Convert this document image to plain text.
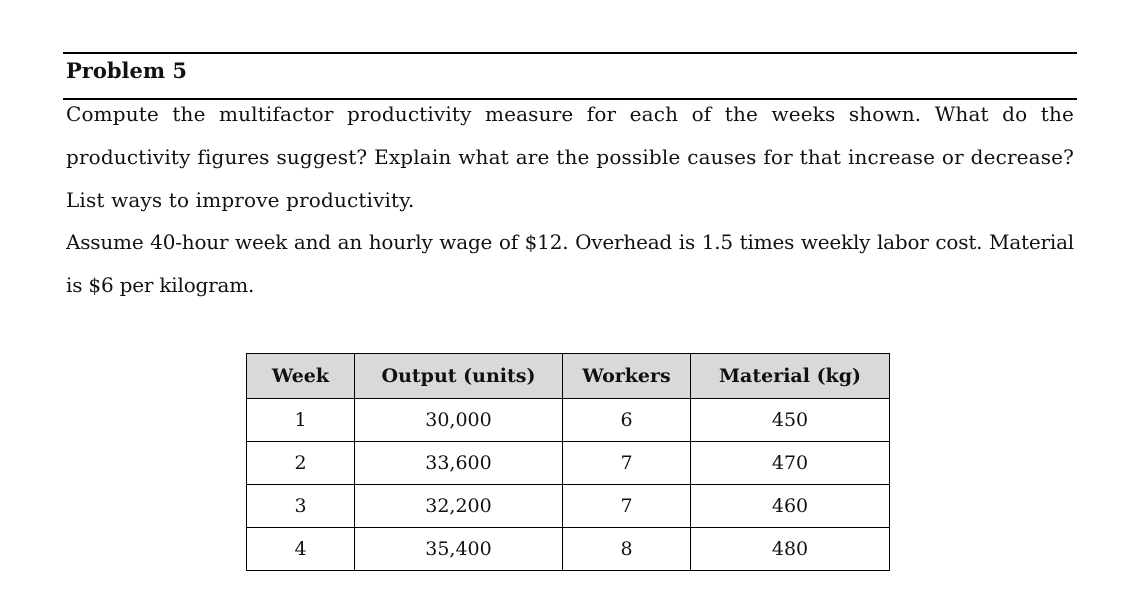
Problem 5
Compute the multifactor productivity measure for each of the weeks shown. What do the productivity figures suggest? Explain what are the possible causes for that increase or decrease? List ways to improve productivity.
Assume 40-hour week and an hourly wage of $12. Overhead is 1.5 times weekly labor cost. Material is $6 per kilogram.
Week	Output (units)	Workers	Material (kg)
1	30,000	6	450
2	33,600	7	470
3	32,200	7	460
4	35,400	8	480
